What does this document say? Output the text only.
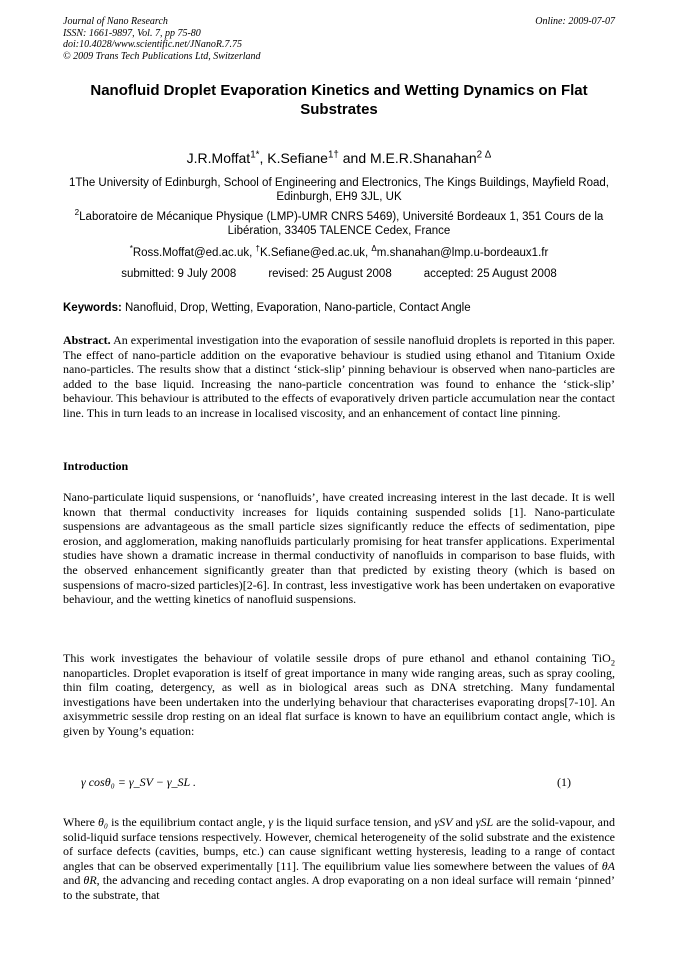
Journal of Nano Research
ISSN: 1661-9897, Vol. 7, pp 75-80
doi:10.4028/www.scientific.net/JNanoR.7.75
© 2009 Trans Tech Publications Ltd, Switzerland
Online: 2009-07-07
Nanofluid Droplet Evaporation Kinetics and Wetting Dynamics on Flat Substrates
J.R.Moffat$^{1*}$, K.Sefiane$^{1\dagger}$ and M.E.R.Shanahan$^{2 \Delta}$
1The University of Edinburgh, School of Engineering and Electronics, The Kings Buildings, Mayfield Road, Edinburgh, EH9 3JL, UK
$^2$Laboratoire de Mécanique Physique (LMP)-UMR CNRS 5469), Université Bordeaux 1, 351 Cours de la Libération, 33405 TALENCE Cedex, France
*Ross.Moffat@ed.ac.uk, †K.Sefiane@ed.ac.uk, $^\Delta$m.shanahan@lmp.u-bordeaux1.fr
submitted: 9 July 2008	revised: 25 August 2008	accepted: 25 August 2008
Keywords: Nanofluid, Drop, Wetting, Evaporation, Nano-particle, Contact Angle
Abstract. An experimental investigation into the evaporation of sessile nanofluid droplets is reported in this paper. The effect of nano-particle addition on the evaporative behaviour is studied using ethanol and Titanium Oxide nano-particles. The results show that a distinct ‘stick-slip’ pinning behaviour is observed when nano-particles are added to the base liquid. Increasing the nano-particle concentration was found to enhance the ‘stick-slip’ behaviour. This behaviour is attributed to the effects of evaporatively driven particle accumulation near the contact line. This in turn leads to an increase in localised viscosity, and an enhancement of contact line pinning.
Introduction
Nano-particulate liquid suspensions, or ‘nanofluids’, have created increasing interest in the last decade. It is well known that thermal conductivity increases for liquids containing suspended solids [1]. Nano-particulate suspensions are advantageous as the small particle sizes significantly reduce the effects of sedimentation, pipe erosion, and agglomeration, making nanofluids particularly promising for heat transfer applications. Experimental studies have shown a dramatic increase in thermal conductivity of nanofluids in comparison to base fluids, with the observed enhancement significantly greater than that predicted by existing theory (which is based on suspensions of macro-sized particles)[2-6]. In contrast, less investigative work has been undertaken on evaporative behaviour, and the wetting kinetics of nanofluid suspensions.
This work investigates the behaviour of volatile sessile drops of pure ethanol and ethanol containing TiO$_2$ nanoparticles. Droplet evaporation is itself of great importance in many wide ranging areas, such as spray cooling, thin film coating, detergency, as well as in biological areas such as DNA stretching. Many fundamental investigations have been undertaken into the underlying behaviour that characterises evaporating drops[7-10]. An axisymmetric sessile drop resting on an ideal flat surface is known to have an equilibrium contact angle, which is given by Young’s equation:
γ cosθ₀ = γ_SV − γ_SL .	(1)
Where θ₀ is the equilibrium contact angle, γ is the liquid surface tension, and γSV and γSL are the solid-vapour, and solid-liquid surface tensions respectively. However, chemical heterogeneity of the solid substrate and the existence of surface defects (cavities, bumps, etc.) can cause significant wetting hysteresis, leading to a range of contact angles that can be observed experimentally [11]. The equilibrium value lies somewhere between the values of θA and θR, the advancing and receding contact angles. A drop evaporating on a non ideal surface will remain ‘pinned’ to the substrate, that
